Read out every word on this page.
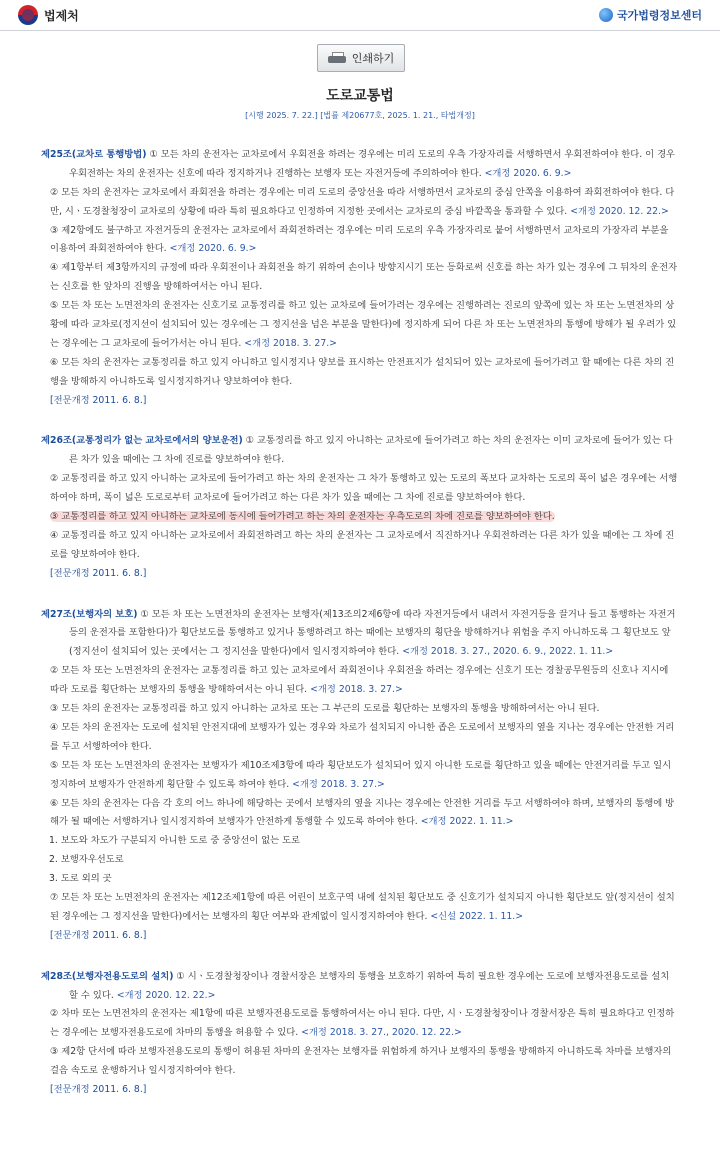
법제처	국가법령정보센터
인쇄하기
도로교통법
[시행 2025. 7. 22.] [법률 제20677호, 2025. 1. 21., 타법개정]
제25조(교차로 통행방법) ① 모든 차의 운전자는 교차로에서 우회전을 하려는 경우에는 미리 도로의 우측 가장자리를 서행하면서 우회전하여야 한다. 이 경우
우회전하는 차의 운전자는 신호에 따라 정지하거나 진행하는 보행자 또는 자전거등에 주의하여야 한다. <개정 2020. 6. 9.>
② 모든 차의 운전자는 교차로에서 좌회전을 하려는 경우에는 미리 도로의 중앙선을 따라 서행하면서 교차로의 중심 안쪽을 이용하여 좌회전하여야 한다. 다
만, 시ㆍ도경찰청장이 교차로의 상황에 따라 특히 필요하다고 인정하여 지정한 곳에서는 교차로의 중심 바깥쪽을 통과할 수 있다. <개정 2020. 12. 22.>
③ 제2항에도 불구하고 자전거등의 운전자는 교차로에서 좌회전하려는 경우에는 미리 도로의 우측 가장자리로 붙어 서행하면서 교차로의 가장자리 부분을
이용하여 좌회전하여야 한다. <개정 2020. 6. 9.>
④ 제1항부터 제3항까지의 규정에 따라 우회전이나 좌회전을 하기 위하여 손이나 방향지시기 또는 등화로써 신호를 하는 차가 있는 경우에 그 뒤차의 운전자
는 신호를 한 앞차의 진행을 방해하여서는 아니 된다.
⑤ 모든 차 또는 노면전차의 운전자는 신호기로 교통정리를 하고 있는 교차로에 들어가려는 경우에는 진행하려는 진로의 앞쪽에 있는 차 또는 노면전차의 상
황에 따라 교차로(정지선이 설치되어 있는 경우에는 그 정지선을 넘은 부분을 말한다)에 정지하게 되어 다른 차 또는 노면전차의 통행에 방해가 될 우려가 있
는 경우에는 그 교차로에 들어가서는 아니 된다. <개정 2018. 3. 27.>
⑥ 모든 차의 운전자는 교통정리를 하고 있지 아니하고 일시정지나 양보를 표시하는 안전표지가 설치되어 있는 교차로에 들어가려고 할 때에는 다른 차의 진
행을 방해하지 아니하도록 일시정지하거나 양보하여야 한다.
[전문개정 2011. 6. 8.]
제26조(교통정리가 없는 교차로에서의 양보운전) ① 교통정리를 하고 있지 아니하는 교차로에 들어가려고 하는 차의 운전자는 이미 교차로에 들어가 있는 다
른 차가 있을 때에는 그 차에 진로를 양보하여야 한다.
② 교통정리를 하고 있지 아니하는 교차로에 들어가려고 하는 차의 운전자는 그 차가 통행하고 있는 도로의 폭보다 교차하는 도로의 폭이 넓은 경우에는 서행
하여야 하며, 폭이 넓은 도로로부터 교차로에 들어가려고 하는 다른 차가 있을 때에는 그 차에 진로를 양보하여야 한다.
③ 교통정리를 하고 있지 아니하는 교차로에 동시에 들어가려고 하는 차의 운전자는 우측도로의 차에 진로를 양보하여야 한다.
④ 교통정리를 하고 있지 아니하는 교차로에서 좌회전하려고 하는 차의 운전자는 그 교차로에서 직진하거나 우회전하려는 다른 차가 있을 때에는 그 차에 진
로를 양보하여야 한다.
[전문개정 2011. 6. 8.]
제27조(보행자의 보호) ① 모든 차 또는 노면전차의 운전자는 보행자(제13조의2제6항에 따라 자전거등에서 내려서 자전거등을 끌거나 들고 통행하는 자전거
등의 운전자를 포함한다)가 횡단보도를 통행하고 있거나 통행하려고 하는 때에는 보행자의 횡단을 방해하거나 위험을 주지 아니하도록 그 횡단보도 앞
(정지선이 설치되어 있는 곳에서는 그 정지선을 말한다)에서 일시정지하여야 한다. <개정 2018. 3. 27., 2020. 6. 9., 2022. 1. 11.>
② 모든 차 또는 노면전차의 운전자는 교통정리를 하고 있는 교차로에서 좌회전이나 우회전을 하려는 경우에는 신호기 또는 경찰공무원등의 신호나 지시에
따라 도로를 횡단하는 보행자의 통행을 방해하여서는 아니 된다. <개정 2018. 3. 27.>
③ 모든 차의 운전자는 교통정리를 하고 있지 아니하는 교차로 또는 그 부근의 도로를 횡단하는 보행자의 통행을 방해하여서는 아니 된다.
④ 모든 차의 운전자는 도로에 설치된 안전지대에 보행자가 있는 경우와 차로가 설치되지 아니한 좁은 도로에서 보행자의 옆을 지나는 경우에는 안전한 거리
를 두고 서행하여야 한다.
⑤ 모든 차 또는 노면전차의 운전자는 보행자가 제10조제3항에 따라 횡단보도가 설치되어 있지 아니한 도로를 횡단하고 있을 때에는 안전거리를 두고 일시
정지하여 보행자가 안전하게 횡단할 수 있도록 하여야 한다. <개정 2018. 3. 27.>
⑥ 모든 차의 운전자는 다음 각 호의 어느 하나에 해당하는 곳에서 보행자의 옆을 지나는 경우에는 안전한 거리를 두고 서행하여야 하며, 보행자의 통행에 방
해가 될 때에는 서행하거나 일시정지하여 보행자가 안전하게 통행할 수 있도록 하여야 한다. <개정 2022. 1. 11.>
1. 보도와 차도가 구분되지 아니한 도로 중 중앙선이 없는 도로
2. 보행자우선도로
3. 도로 외의 곳
⑦ 모든 차 또는 노면전차의 운전자는 제12조제1항에 따른 어린이 보호구역 내에 설치된 횡단보도 중 신호기가 설치되지 아니한 횡단보도 앞(정지선이 설치
된 경우에는 그 정지선을 말한다)에서는 보행자의 횡단 여부와 관계없이 일시정지하여야 한다. <신설 2022. 1. 11.>
[전문개정 2011. 6. 8.]
제28조(보행자전용도로의 설치) ① 시ㆍ도경찰청장이나 경찰서장은 보행자의 통행을 보호하기 위하여 특히 필요한 경우에는 도로에 보행자전용도로를 설치
할 수 있다. <개정 2020. 12. 22.>
② 차마 또는 노면전차의 운전자는 제1항에 따른 보행자전용도로를 통행하여서는 아니 된다. 다만, 시ㆍ도경찰청장이나 경찰서장은 특히 필요하다고 인정하
는 경우에는 보행자전용도로에 차마의 통행을 허용할 수 있다. <개정 2018. 3. 27., 2020. 12. 22.>
③ 제2항 단서에 따라 보행자전용도로의 통행이 허용된 차마의 운전자는 보행자를 위험하게 하거나 보행자의 통행을 방해하지 아니하도록 차마를 보행자의
걸음 속도로 운행하거나 일시정지하여야 한다.
[전문개정 2011. 6. 8.]
